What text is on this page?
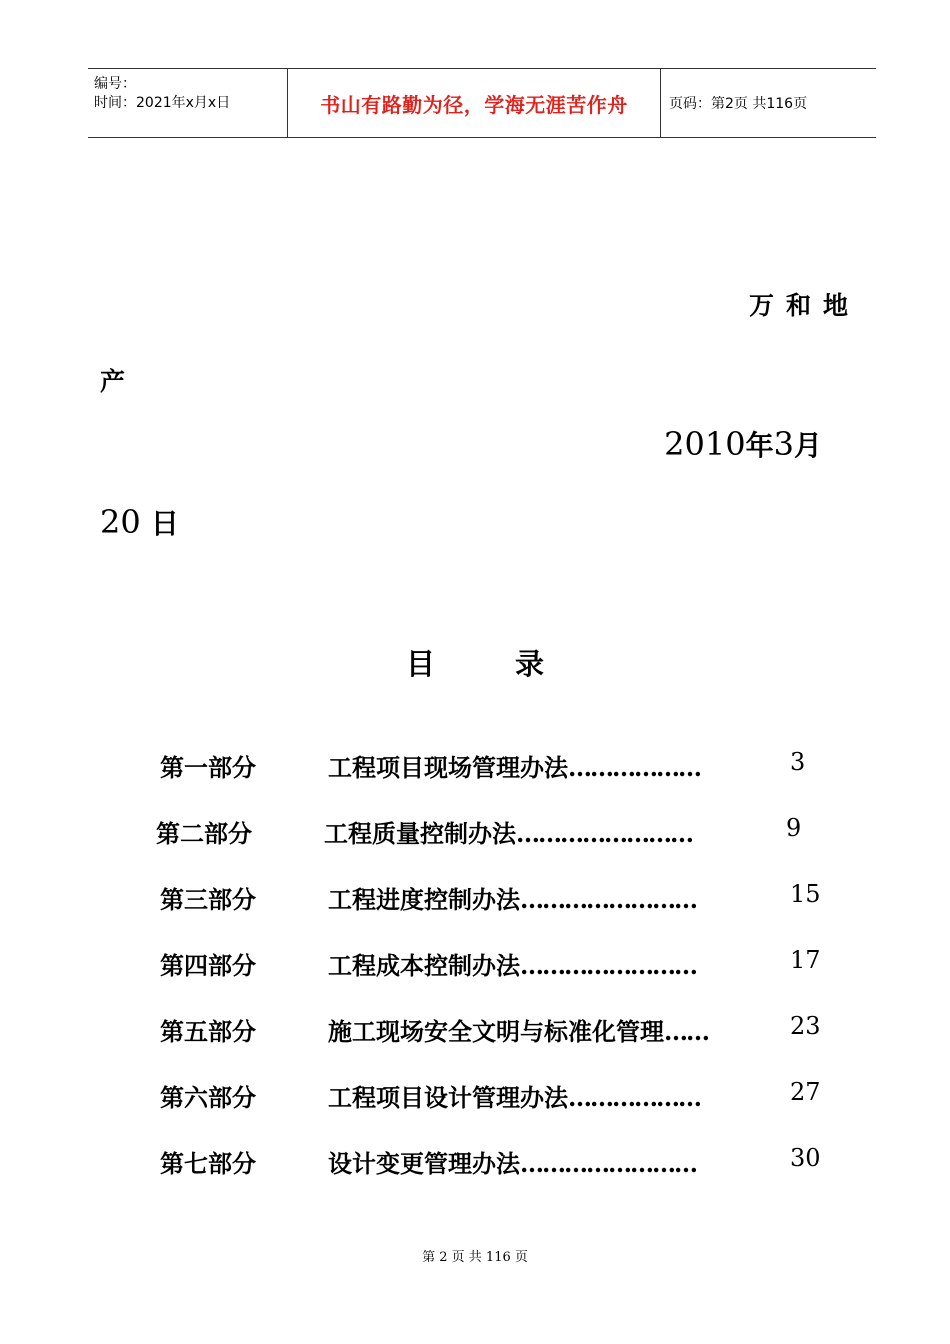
编号：
时间：2021年x月x日	书山有路勤为径，学海无涯苦作舟	页码：第2页 共116页
万和地
产
2010年3月
20 日
目	录
第一部分	工程项目现场管理办法………………	3
第二部分	工程质量控制办法……………………	9
第三部分	工程进度控制办法……………………	15
第四部分	工程成本控制办法……………………	17
第五部分	施工现场安全文明与标准化管理……	23
第六部分	工程项目设计管理办法………………	27
第七部分	设计变更管理办法……………………	30
第 2 页 共 116 页
